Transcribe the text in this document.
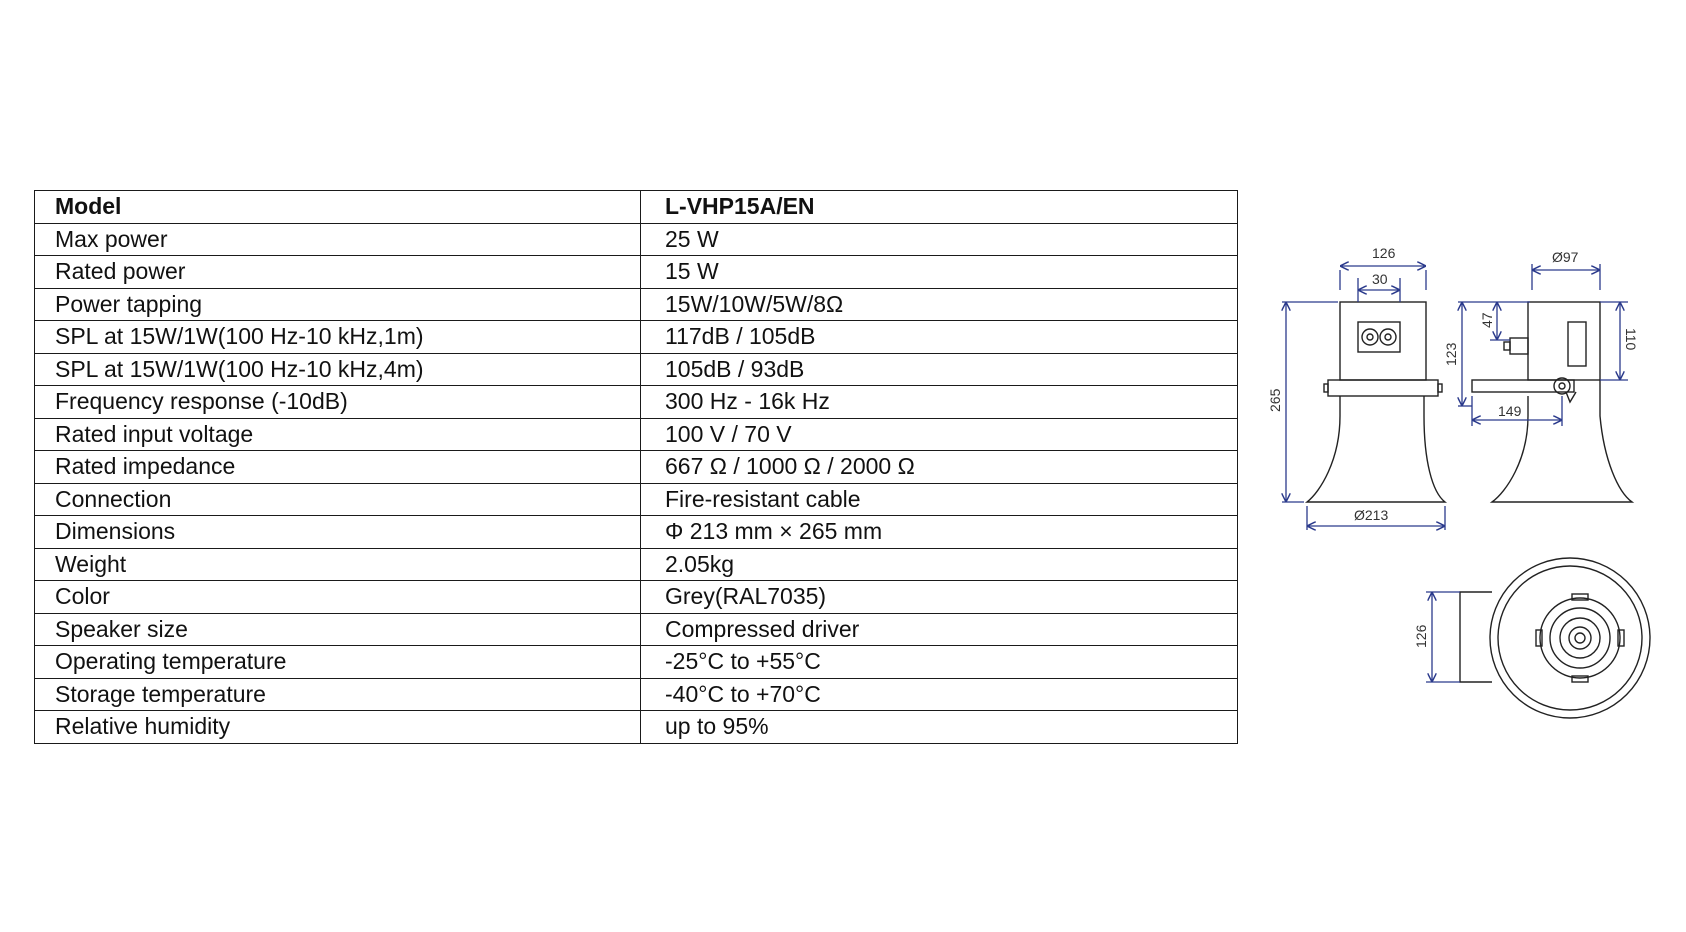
Model	L-VHP15A/EN
Max power	25 W
Rated power	15 W
Power tapping	15W/10W/5W/8Ω
SPL at 15W/1W(100 Hz-10 kHz,1m)	117dB / 105dB
SPL at 15W/1W(100 Hz-10 kHz,4m)	105dB / 93dB
Frequency response (-10dB)	300 Hz - 16k Hz
Rated input voltage	100 V / 70 V
Rated impedance	667 Ω / 1000 Ω / 2000 Ω
Connection	Fire-resistant cable
Dimensions	Φ 213 mm × 265 mm
Weight	2.05kg
Color	Grey(RAL7035)
Speaker size	Compressed driver
Operating temperature	-25°C to +55°C
Storage temperature	-40°C to +70°C
Relative humidity	up to 95%
126
30
265
Ø213
47
Ø97
123
110
149
126
